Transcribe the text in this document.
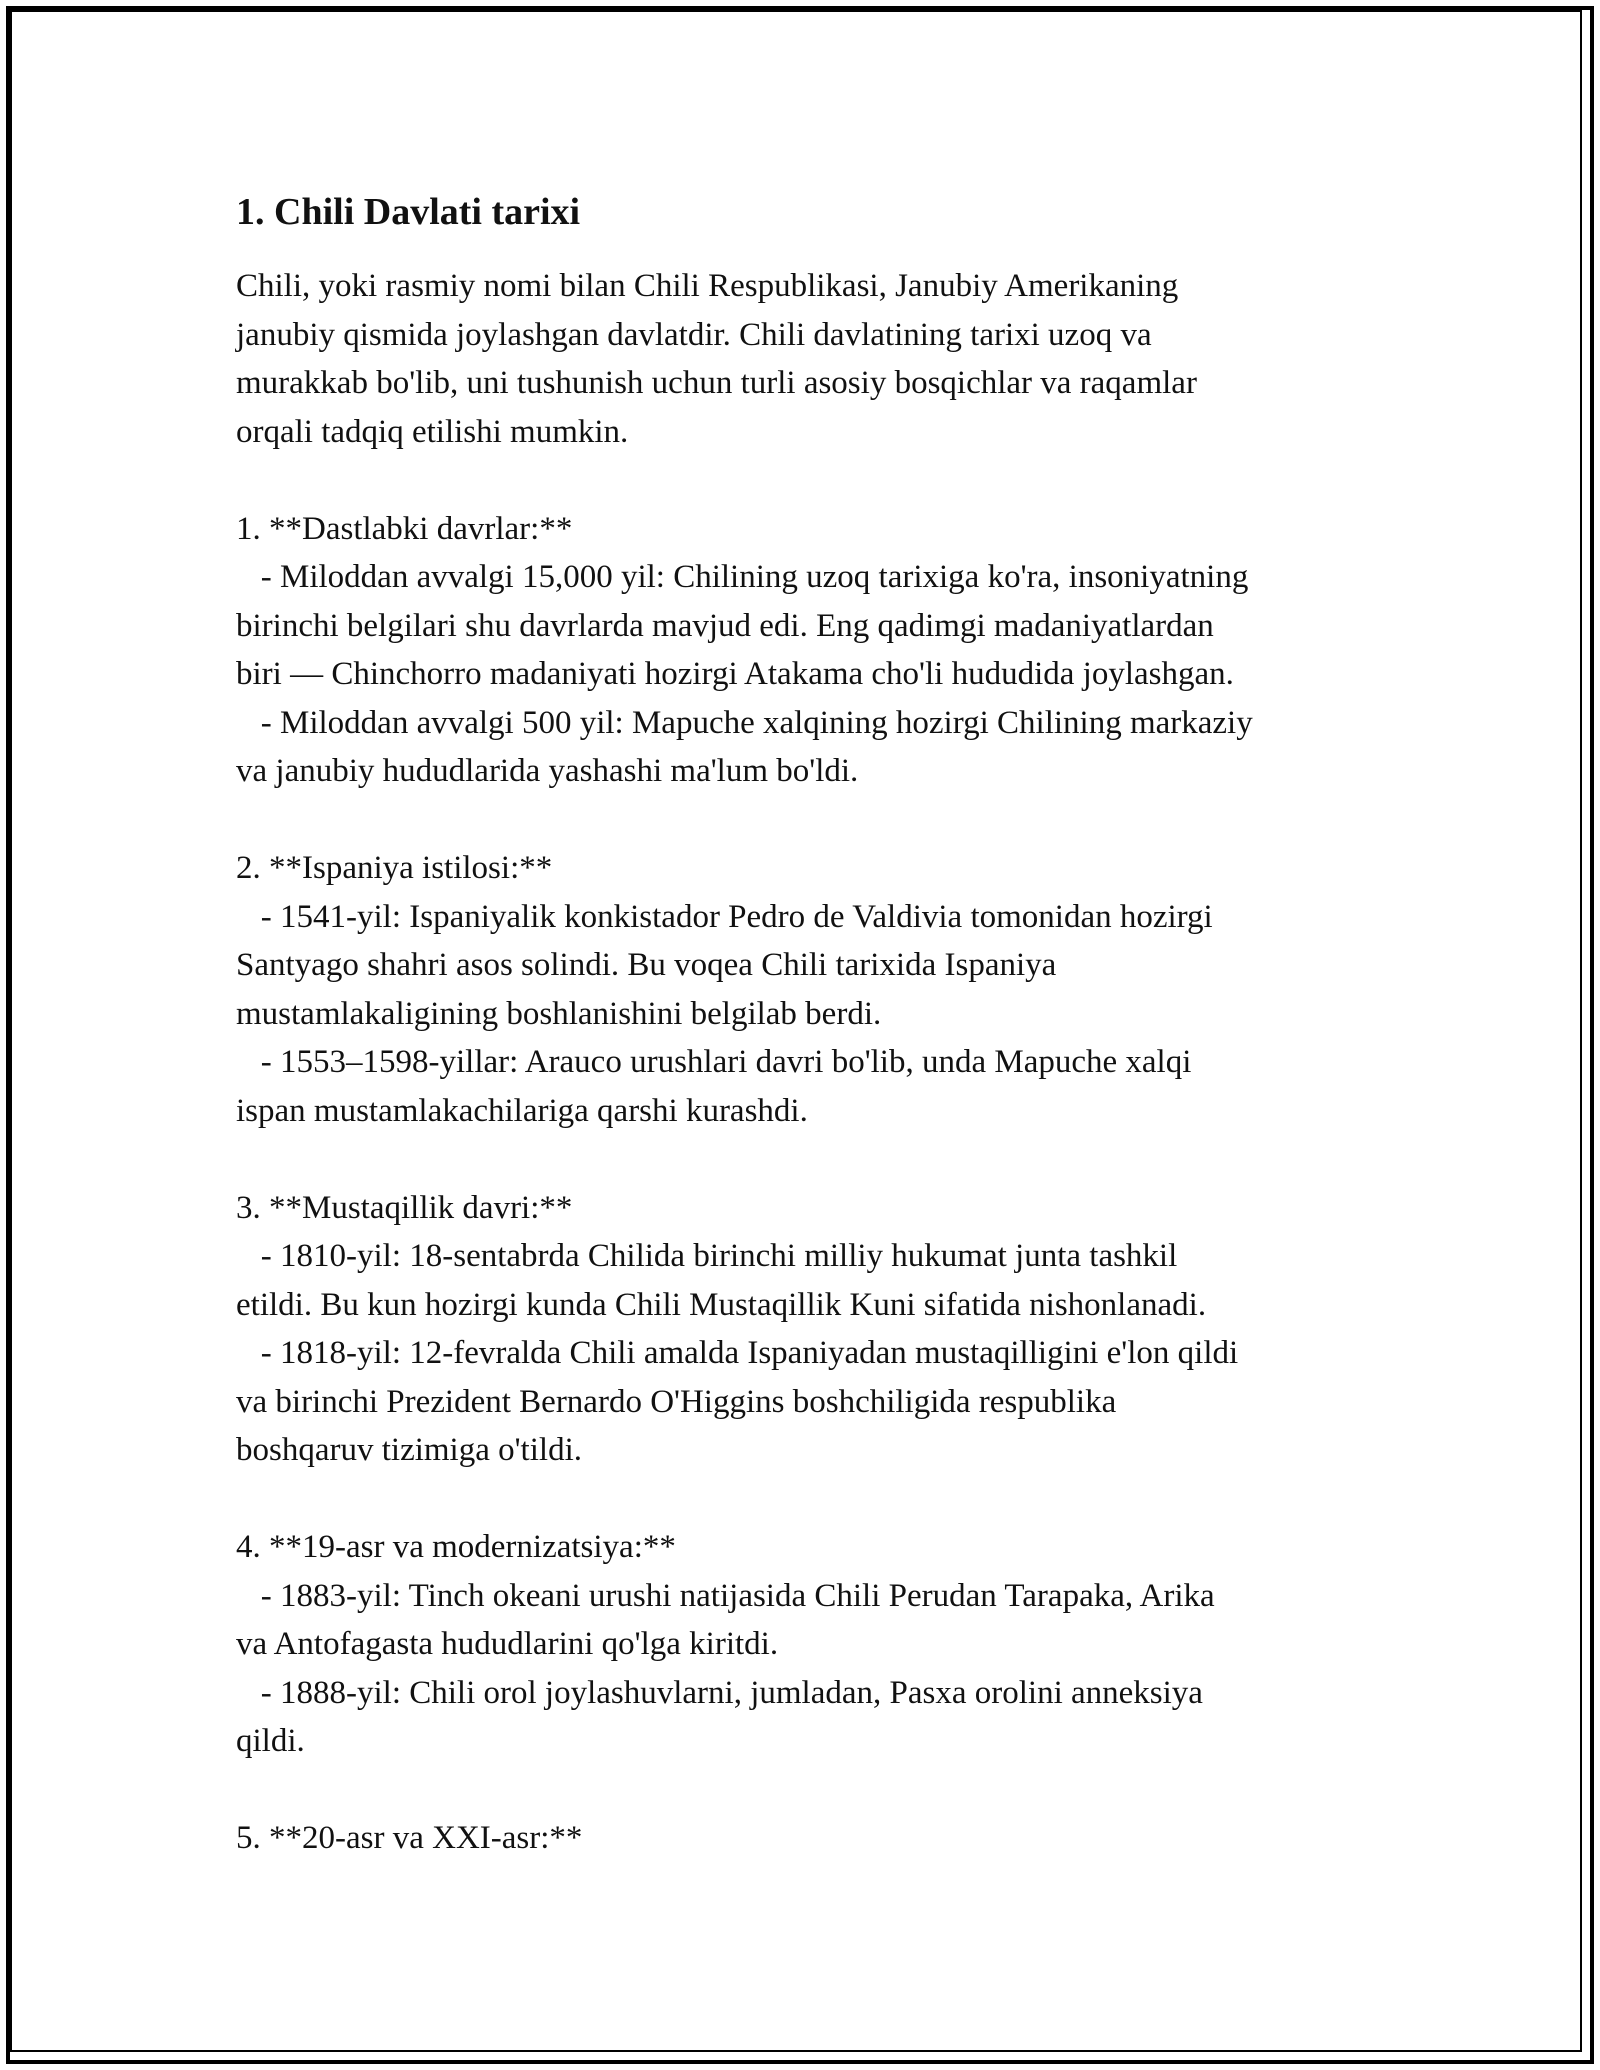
1. Chili Davlati tarixi

Chili, yoki rasmiy nomi bilan Chili Respublikasi, Janubiy Amerikaning
janubiy qismida joylashgan davlatdir. Chili davlatining tarixi uzoq va
murakkab bo'lib, uni tushunish uchun turli asosiy bosqichlar va raqamlar
orqali tadqiq etilishi mumkin.

1. **Dastlabki davrlar:**
- Miloddan avvalgi 15,000 yil: Chilining uzoq tarixiga ko'ra, insoniyatning
birinchi belgilari shu davrlarda mavjud edi. Eng qadimgi madaniyatlardan
biri — Chinchorro madaniyati hozirgi Atakama cho'li hududida joylashgan.
- Miloddan avvalgi 500 yil: Mapuche xalqining hozirgi Chilining markaziy
va janubiy hududlarida yashashi ma'lum bo'ldi.

2. **Ispaniya istilosi:**
- 1541-yil: Ispaniyalik konkistador Pedro de Valdivia tomonidan hozirgi
Santyago shahri asos solindi. Bu voqea Chili tarixida Ispaniya
mustamlakaligining boshlanishini belgilab berdi.
- 1553–1598-yillar: Arauco urushlari davri bo'lib, unda Mapuche xalqi
ispan mustamlakachilariga qarshi kurashdi.

3. **Mustaqillik davri:**
- 1810-yil: 18-sentabrda Chilida birinchi milliy hukumat junta tashkil
etildi. Bu kun hozirgi kunda Chili Mustaqillik Kuni sifatida nishonlanadi.
- 1818-yil: 12-fevralda Chili amalda Ispaniyadan mustaqilligini e'lon qildi
va birinchi Prezident Bernardo O'Higgins boshchiligida respublika
boshqaruv tizimiga o'tildi.

4. **19-asr va modernizatsiya:**
- 1883-yil: Tinch okeani urushi natijasida Chili Perudan Tarapaka, Arika
va Antofagasta hududlarini qo'lga kiritdi.
- 1888-yil: Chili orol joylashuvlarni, jumladan, Pasxa orolini anneksiya
qildi.

5. **20-asr va XXI-asr:**
